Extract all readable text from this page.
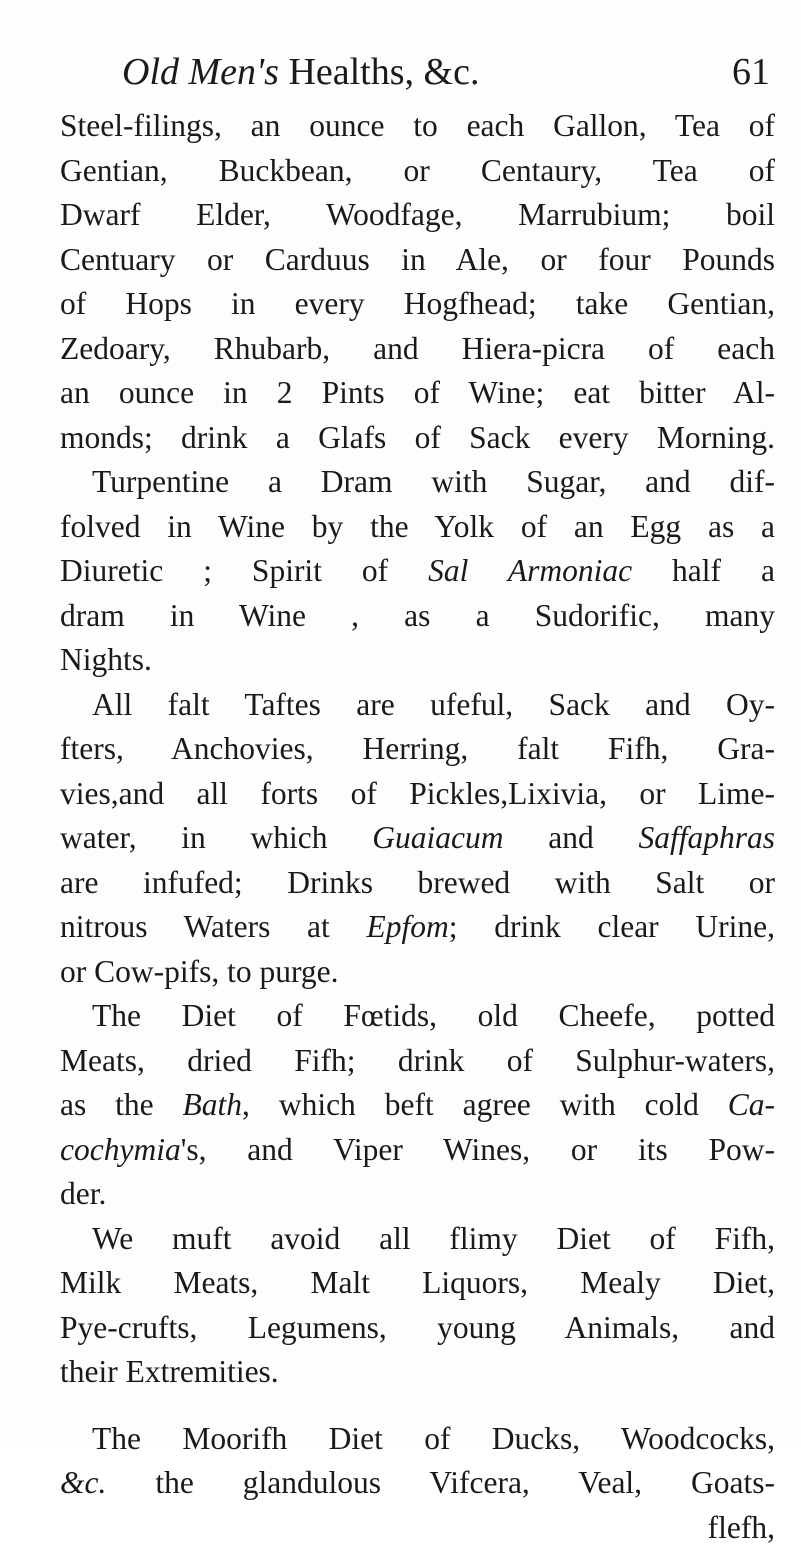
Old Men's Healths, &c.	61
Steel-filings, an ounce to each Gallon, Tea of
Gentian, Buckbean, or Centaury, Tea of
Dwarf Elder, Woodfage, Marrubium; boil
Centuary or Carduus in Ale, or four Pounds
of Hops in every Hogfhead; take Gentian,
Zedoary, Rhubarb, and Hiera-picra of each
an ounce in 2 Pints of Wine; eat bitter Al-
monds; drink a Glafs of Sack every Morning.
Turpentine a Dram with Sugar, and dif-
folved in Wine by the Yolk of an Egg as a
Diuretic ; Spirit of Sal Armoniac half a
dram in Wine , as a Sudorific, many
Nights.
All falt Taftes are ufeful, Sack and Oy-
fters, Anchovies, Herring, falt Fifh, Gra-
vies,and all forts of Pickles,Lixivia, or Lime-
water, in which Guaiacum and Saffaphras
are infufed; Drinks brewed with Salt or
nitrous Waters at Epfom; drink clear Urine,
or Cow-pifs, to purge.
The Diet of Fœtids, old Cheefe, potted
Meats, dried Fifh; drink of Sulphur-waters,
as the Bath, which beft agree with cold Ca-
cochymia's, and Viper Wines, or its Pow-
der.
We muft avoid all flimy Diet of Fifh,
Milk Meats, Malt Liquors, Mealy Diet,
Pye-crufts, Legumens, young Animals, and
their Extremities.
The Moorifh Diet of Ducks, Woodcocks,
&c. the glandulous Vifcera, Veal, Goats-
flefh,
